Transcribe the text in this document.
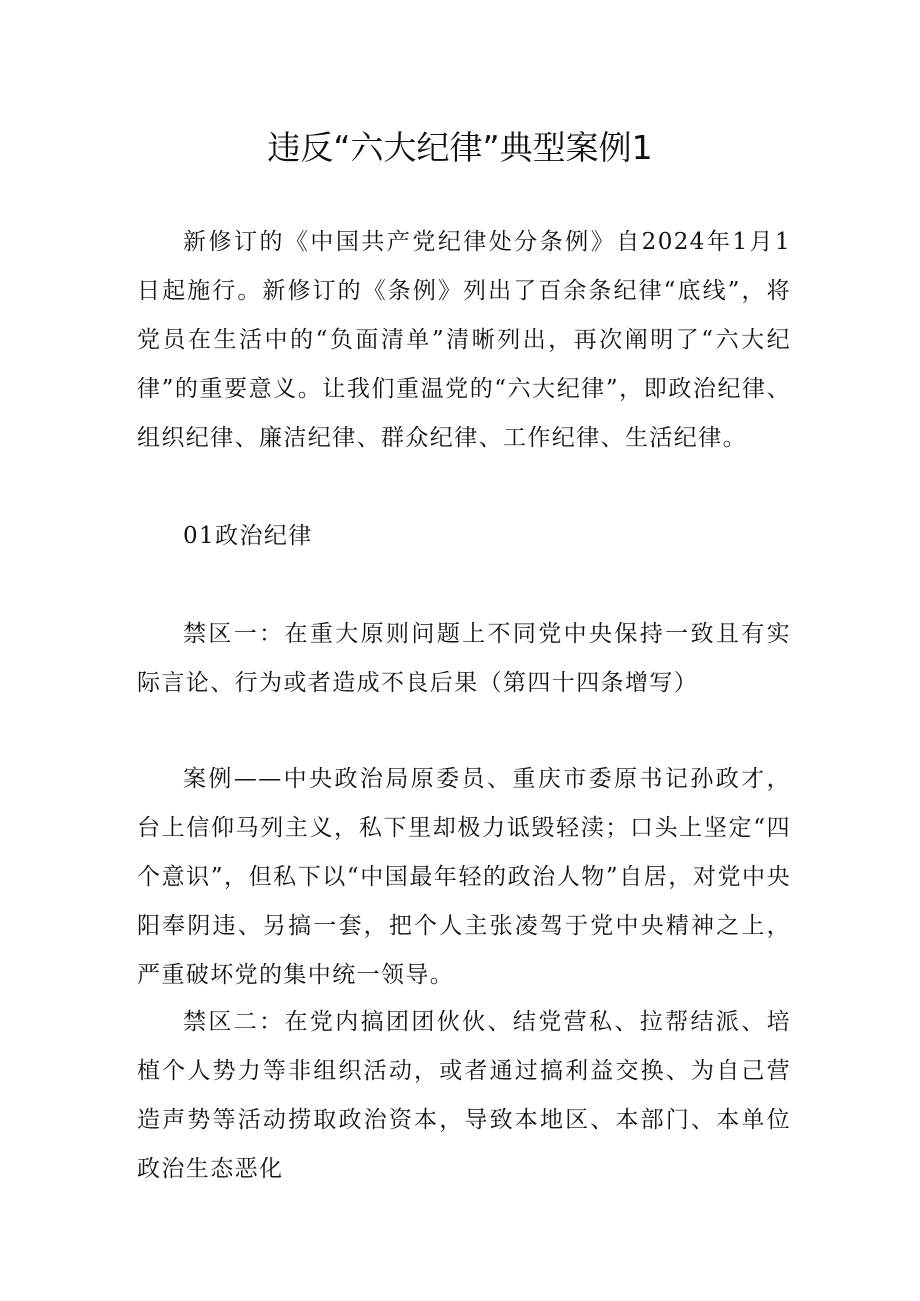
违反“六大纪律”典型案例1

新修订的《中国共产党纪律处分条例》自2024年1月1日起施行。新修订的《条例》列出了百余条纪律“底线”，将党员在生活中的“负面清单”清晰列出，再次阐明了“六大纪律”的重要意义。让我们重温党的“六大纪律”，即政治纪律、组织纪律、廉洁纪律、群众纪律、工作纪律、生活纪律。

01政治纪律

禁区一：在重大原则问题上不同党中央保持一致且有实际言论、行为或者造成不良后果（第四十四条增写）

案例——中央政治局原委员、重庆市委原书记孙政才，台上信仰马列主义，私下里却极力诋毁轻渎；口头上坚定“四个意识”，但私下以“中国最年轻的政治人物”自居，对党中央阳奉阴违、另搞一套，把个人主张凌驾于党中央精神之上，严重破坏党的集中统一领导。

禁区二：在党内搞团团伙伙、结党营私、拉帮结派、培植个人势力等非组织活动，或者通过搞利益交换、为自己营造声势等活动捞取政治资本，导致本地区、本部门、本单位政治生态恶化
